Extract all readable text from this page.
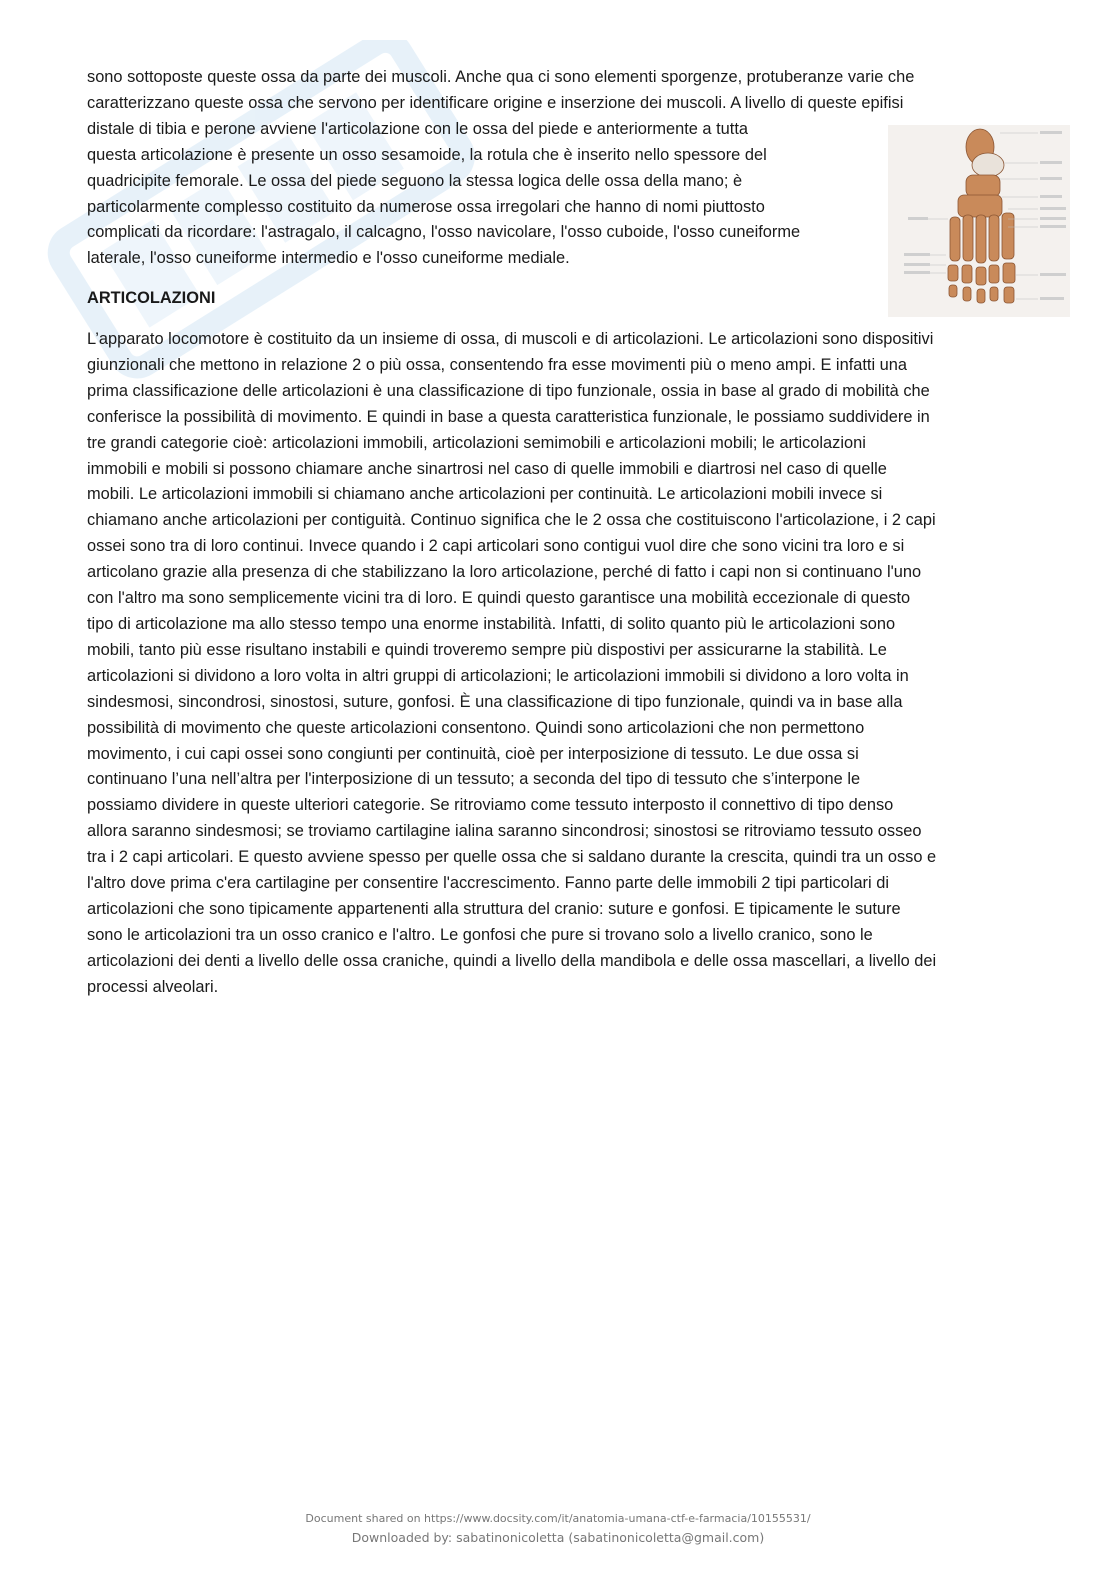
sono sottoposte queste ossa da parte dei muscoli. Anche qua ci sono elementi sporgenze, protuberanze varie che
caratterizzano queste ossa che servono per identificare origine e inserzione dei muscoli. A livello di queste epifisi
distale di tibia e perone avviene l'articolazione con le ossa del piede e anteriormente a tutta
questa articolazione è presente un osso sesamoide, la rotula che è inserito nello spessore del
quadricipite femorale. Le ossa del piede seguono la stessa logica delle ossa della mano; è
particolarmente complesso costituito da numerose ossa irregolari che hanno di nomi piuttosto
complicati da ricordare: l'astragalo, il calcagno, l'osso navicolare, l'osso cuboide, l'osso cuneiforme
laterale, l'osso cuneiforme intermedio e l'osso cuneiforme mediale.
ARTICOLAZIONI
L’apparato locomotore è costituito da un insieme di ossa, di muscoli e di articolazioni. Le articolazioni sono dispositivi
giunzionali che mettono in relazione 2 o più ossa, consentendo fra esse movimenti più o meno ampi. E infatti una
prima classificazione delle articolazioni è una classificazione di tipo funzionale, ossia in base al grado di mobilità che
conferisce la possibilità di movimento. E quindi in base a questa caratteristica funzionale, le possiamo suddividere in
tre grandi categorie cioè: articolazioni immobili, articolazioni semimobili e articolazioni mobili; le articolazioni
immobili e mobili si possono chiamare anche sinartrosi nel caso di quelle immobili e diartrosi nel caso di quelle
mobili. Le articolazioni immobili si chiamano anche articolazioni per continuità. Le articolazioni mobili invece si
chiamano anche articolazioni per contiguità. Continuo significa che le 2 ossa che costituiscono l'articolazione, i 2 capi
ossei sono tra di loro continui. Invece quando i 2 capi articolari sono contigui vuol dire che sono vicini tra loro e si
articolano grazie alla presenza di che stabilizzano la loro articolazione, perché di fatto i capi non si continuano l'uno
con l'altro ma sono semplicemente vicini tra di loro. E quindi questo garantisce una mobilità eccezionale di questo
tipo di articolazione ma allo stesso tempo una enorme instabilità. Infatti, di solito quanto più le articolazioni sono
mobili, tanto più esse risultano instabili e quindi troveremo sempre più dispostivi per assicurarne la stabilità. Le
articolazioni si dividono a loro volta in altri gruppi di articolazioni; le articolazioni immobili si dividono a loro volta in
sindesmosi, sincondrosi, sinostosi, suture, gonfosi. È una classificazione di tipo funzionale, quindi va in base alla
possibilità di movimento che queste articolazioni consentono. Quindi sono articolazioni che non permettono
movimento, i cui capi ossei sono congiunti per continuità, cioè per interposizione di tessuto. Le due ossa si
continuano l’una nell’altra per l'interposizione di un tessuto; a seconda del tipo di tessuto che s’interpone le
possiamo dividere in queste ulteriori categorie. Se ritroviamo come tessuto interposto il connettivo di tipo denso
allora saranno sindesmosi; se troviamo cartilagine ialina saranno sincondrosi; sinostosi se ritroviamo tessuto osseo
tra i 2 capi articolari. E questo avviene spesso per quelle ossa che si saldano durante la crescita, quindi tra un osso e
l'altro dove prima c'era cartilagine per consentire l'accrescimento. Fanno parte delle immobili 2 tipi particolari di
articolazioni che sono tipicamente appartenenti alla struttura del cranio: suture e gonfosi. E tipicamente le suture
sono le articolazioni tra un osso cranico e l'altro. Le gonfosi che pure si trovano solo a livello cranico, sono le
articolazioni dei denti a livello delle ossa craniche, quindi a livello della mandibola e delle ossa mascellari, a livello dei
processi alveolari.

Document shared on https://www.docsity.com/it/anatomia-umana-ctf-e-farmacia/10155531/

Downloaded by: sabatinonicoletta (sabatinonicoletta@gmail.com)
